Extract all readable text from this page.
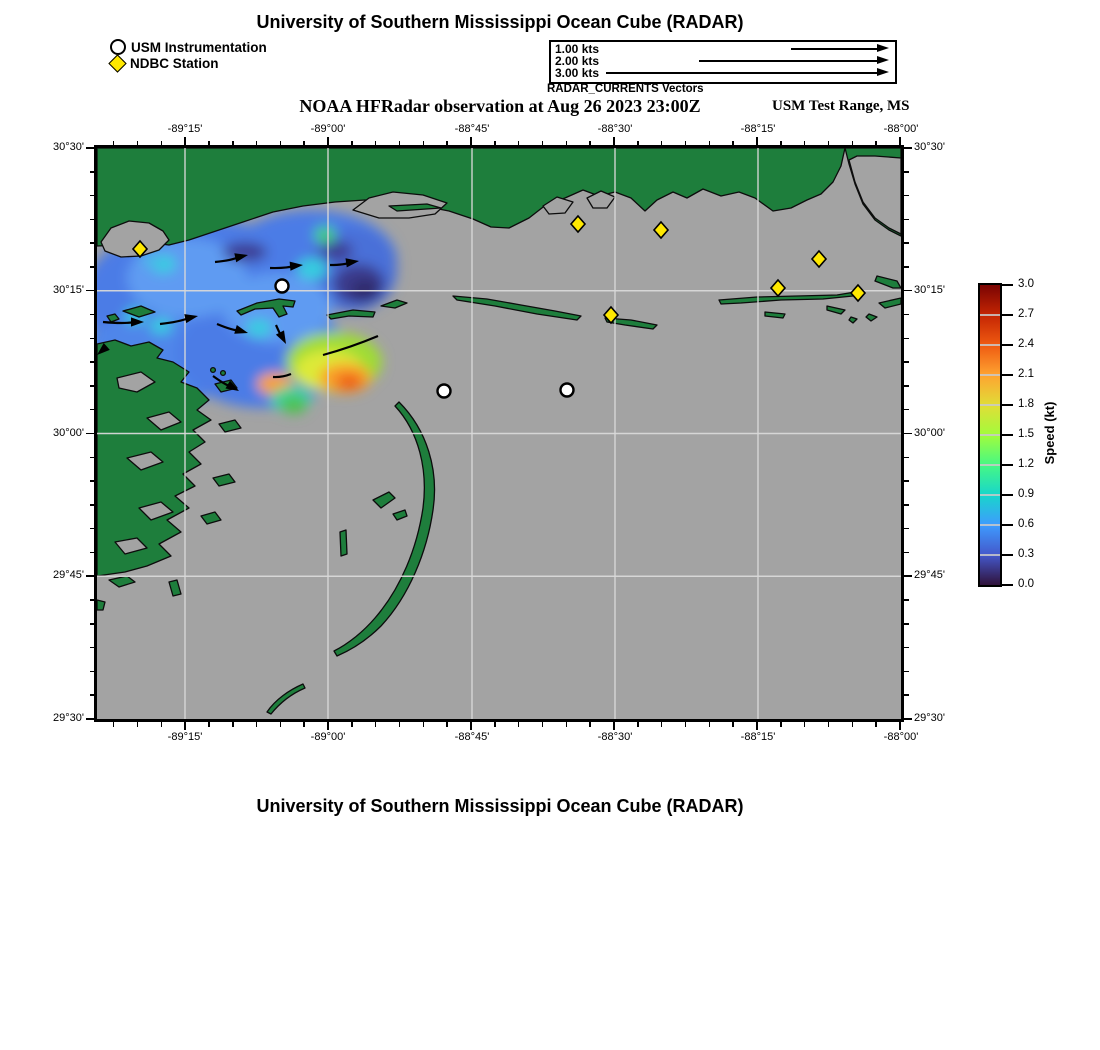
University of Southern Mississippi Ocean Cube (RADAR)
USM Instrumentation
NDBC Station
1.00 kts
2.00 kts
3.00 kts
RADAR_CURRENTS Vectors
NOAA HFRadar observation at Aug 26 2023 23:00Z	USM Test Range, MS
Speed (kt)
University of Southern Mississippi Ocean Cube (RADAR)
-89°15'
-89°15'
-89°00'
-89°00'
-88°45'
-88°45'
-88°30'
-88°30'
-88°15'
-88°15'
-88°00'
-88°00'
30°30'	30°30'
30°15'	30°15'
30°00'	30°00'
29°45'	29°45'
29°30'	29°30'
0.0
0.3
0.6
0.9
1.2
1.5
1.8
2.1
2.4
2.7
3.0
